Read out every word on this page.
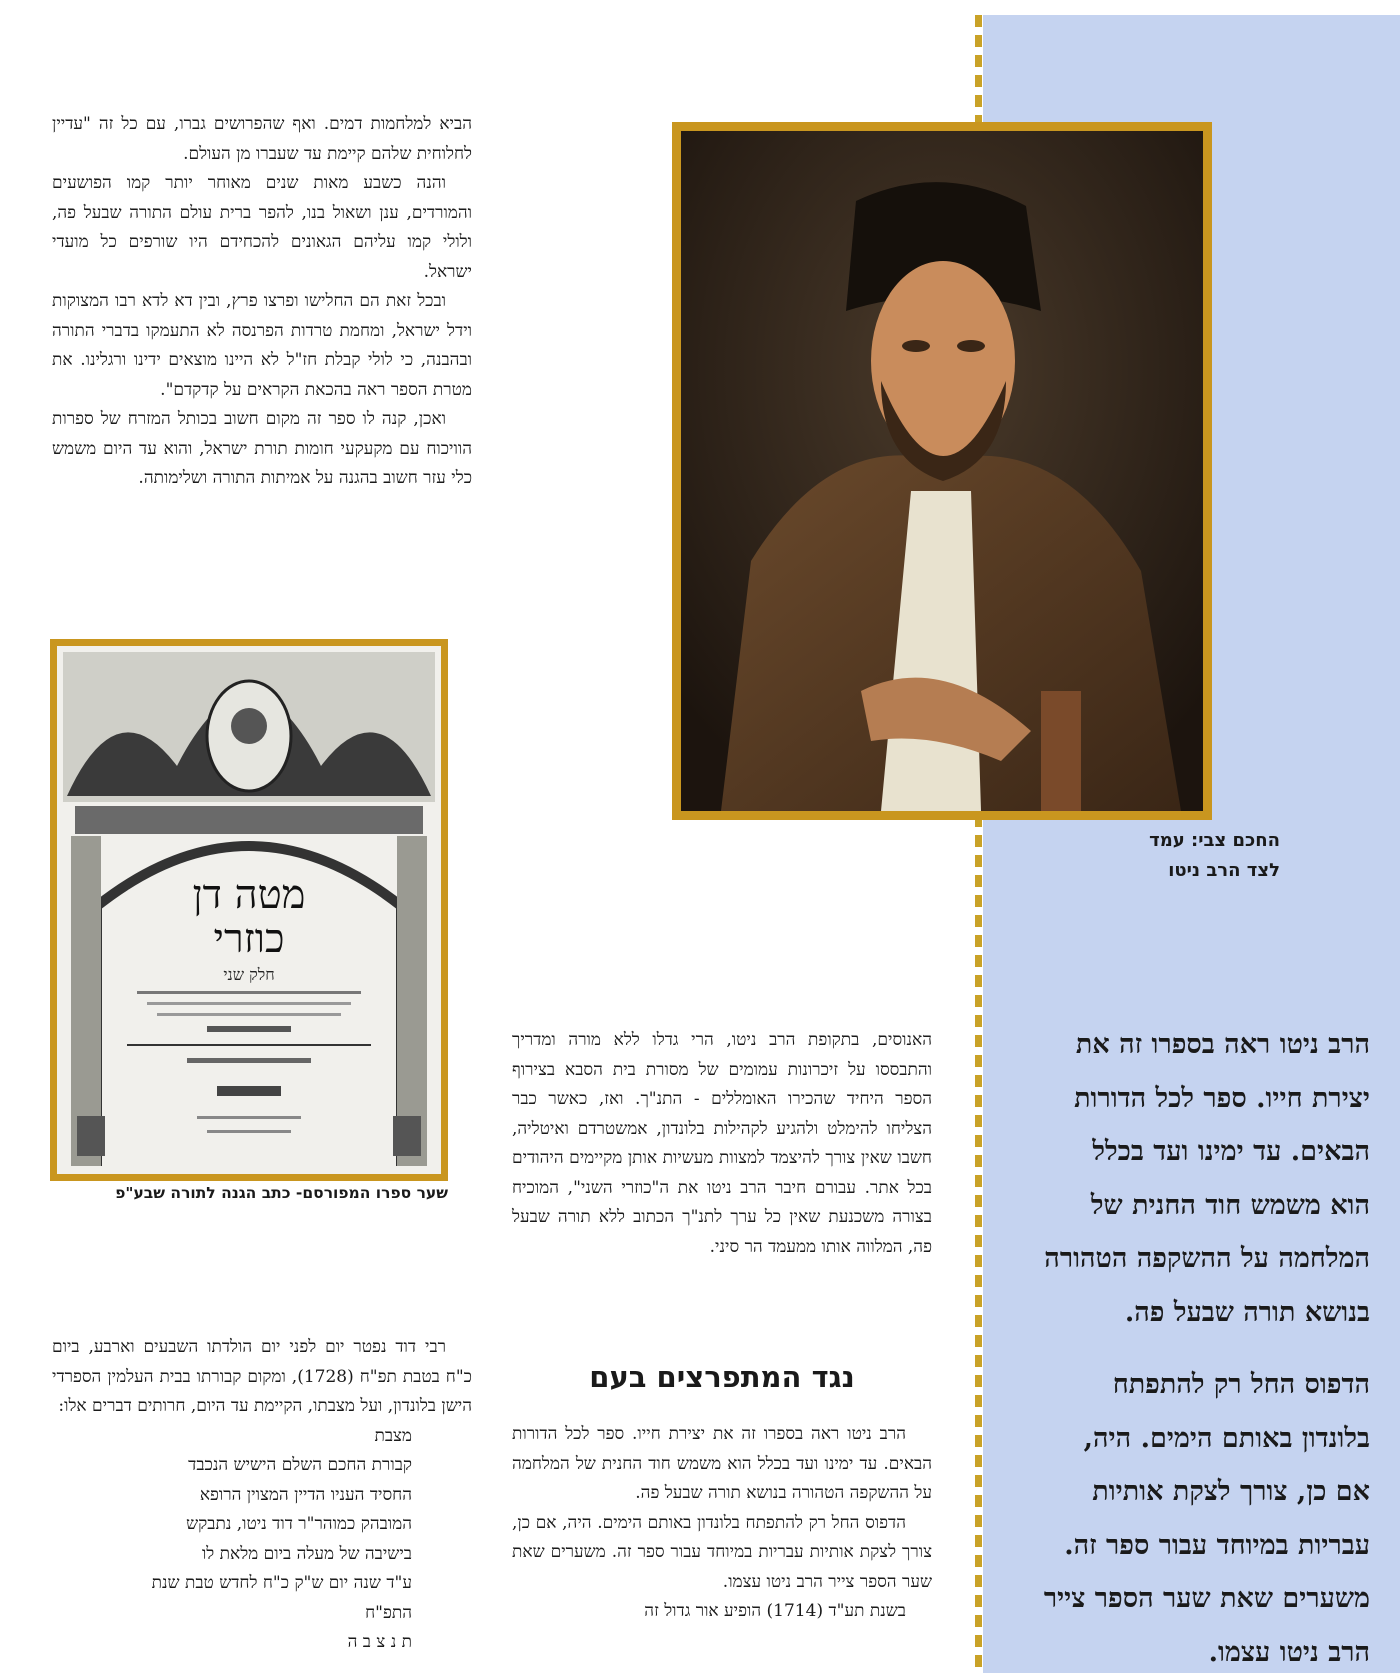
החכם צבי: עמד
לצד הרב ניטו
מטה דן
כוזרי
חלק שני
שער ספרו המפורסם- כתב הגנה לתורה שבע"פ

הביא למלחמות דמים. ואף שהפרושים גברו, עם כל זה "עדיין לחלוחית שלהם קיימת עד שעברו מן העולם.

והנה כשבע מאות שנים מאוחר יותר קמו הפושעים והמורדים, ענן ושאול בנו, להפר ברית עולם התורה שבעל פה, ולולי קמו עליהם הגאונים להכחידם היו שורפים כל מועדי ישראל.

ובכל זאת הם החלישו ופרצו פרץ, ובין דא לדא רבו המצוקות וידל ישראל, ומחמת טרדות הפרנסה לא התעמקו בדברי התורה ובהבנה, כי לולי קבלת חז"ל לא היינו מוצאים ידינו ורגלינו. את מטרת הספר ראה בהכאת הקראים על קדקדם".

ואכן, קנה לו ספר זה מקום חשוב בכותל המזרח של ספרות הוויכוח עם מקעקעי חומות תורת ישראל, והוא עד היום משמש כלי עזר חשוב בהגנה על אמיתות התורה ושלימותה.

האנוסים, בתקופת הרב ניטו, הרי גדלו ללא מורה ומדריך והתבססו על זיכרונות עמומים של מסורת בית הסבא בצירוף הספר היחיד שהכירו האומללים - התנ"ך. ואז, כאשר כבר הצליחו להימלט ולהגיע לקהילות בלונדון, אמשטרדם ואיטליה, חשבו שאין צורך להיצמד למצוות מעשיות אותן מקיימים היהודים בכל אתר. עבורם חיבר הרב ניטו את ה"כוזרי השני", המוכיח בצורה משכנעת שאין כל ערך לתנ"ך הכתוב ללא תורה שבעל פה, המלווה אותו ממעמד הר סיני.

נגד המתפרצים בעם

הרב ניטו ראה בספרו זה את יצירת חייו. ספר לכל הדורות הבאים. עד ימינו ועד בכלל הוא משמש חוד החנית של המלחמה על ההשקפה הטהורה בנושא תורה שבעל פה.

הדפוס החל רק להתפתח בלונדון באותם הימים. היה, אם כן, צורך לצקת אותיות עבריות במיוחד עבור ספר זה. משערים שאת שער הספר צייר הרב ניטו עצמו.

בשנת תע"ד (1714) הופיע אור גדול זה

רבי דוד נפטר יום לפני יום הולדתו השבעים וארבע, ביום כ"ח בטבת תפ"ח (1728), ומקום קבורתו בבית העלמין הספרדי הישן בלונדון, ועל מצבתו, הקיימת עד היום, חרותים דברים אלו:

מצבת
קבורת החכם השלם הישיש הנכבד
החסיד העניו הדיין המצוין הרופא
המובהק כמוהר"ר דוד ניטו, נתבקש
בישיבה של מעלה ביום מלאת לו
ע"ד שנה יום ש"ק כ"ח לחדש טבת שנת
התפ"ח
ת נ צ ב ה
הרב ניטו ראה בספרו זה את
יצירת חייו. ספר לכל הדורות
הבאים. עד ימינו ועד בכלל
הוא משמש חוד החנית של
המלחמה על ההשקפה הטהורה
בנושא תורה שבעל פה.
הדפוס החל רק להתפתח
בלונדון באותם הימים. היה,
אם כן, צורך לצקת אותיות
עבריות במיוחד עבור ספר זה.
משערים שאת שער הספר צייר
הרב ניטו עצמו.
